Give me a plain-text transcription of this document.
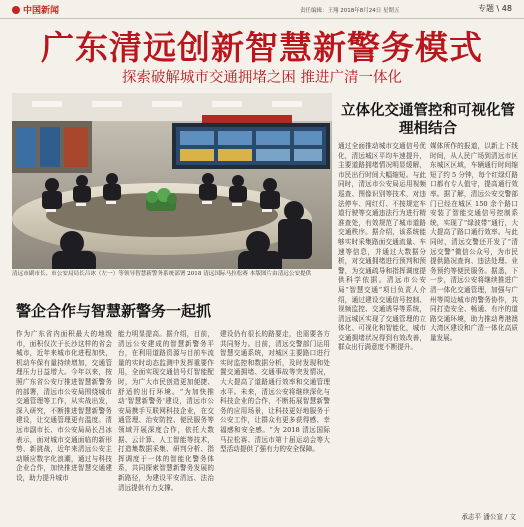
中国新闻	责任编辑：王翔 2018年8月24日 星期五	专题 \ 48
广东清远创新智慧新警务模式
探索破解城市交通拥堵之困 推进广清一体化
清远市副市长、市公安局局长吕冰（左一）等领导智慧新警务系统部署 2018 清远国际马拉松赛 本版图片由清远公安提供
警企合作与智慧新警务一起抓
作为广东省内面积最大的地级市，面积仅次于长沙这样的省会城市，近年来城市化进程加快，机动车保有量持续增加，交通管理压力日益增大。今年以来，按照广东省公安厅推进智慧新警务的部署，清远市公安局围绕城市交通管理等工作，从实战出发，深入研究，不断推进智慧新警务建设，让交通管理更有温度。清远市副市长、市公安局局长吕冰表示，面对城市交通面临的新形势、新挑战，近年来清远公安主动顺应数字化浪潮，通过与科技企业合作，加快推进智慧交通建设，助力提升城市
能力明显提高。据介绍，目前，清远公安建成的智慧新警务平台，在利用道路资源与目前车流量的实时动态监测中发挥重要作用，全面实现交通信号灯智能配时，为广大市民创造更加便捷、舒适的出行环境。“为加快推动‘智慧新警务’建设，清远市公安局携手互联网科技企业，在交通管理、治安防控、便民服务等领域开展深度合作，依托大数据、云计算、人工智能等技术，打造集数据采集、研判分析、指挥调度于一体的智能化警务体系，共同探索智慧新警务发展的新路径，为建设平安清远、法治清远提供有力支撑。
建设仍有很长的路要走，也需要各方共同努力。目前，清远交警部门运用智慧交通系统，对城区主要路口进行实时监控和数据分析，及时发现和处置交通拥堵、交通事故等突发情况，大大提高了道路通行效率和交通管理水平。未来，清远公安将继续深化与科技企业的合作，不断拓展智慧新警务的应用场景，让科技更好地服务于公安工作，让群众有更多获得感、幸福感和安全感。“为 2018 清远国际马拉松赛、清远市第十届运动会等大型活动提供了强有力的安全保障。
立体化交通管控和可视化管理相结合
通过全面推动城市交通信号优化，清远城区平均车速提升，主要道路拥堵情况明显缓解，市民出行时间大幅缩短。与此同时，清远市公安局运用视频巡查、图像识别等技术，对违法停车、闯红灯、不按规定车道行驶等交通违法行为进行精准查处，有效规范了城市道路交通秩序。据介绍，该系统能够实时采集路面交通流量、车速等信息，并通过大数据分析，对交通拥堵进行预判和预警，为交通疏导和指挥调度提供科学依据。清远市公安局“智慧交通”项目负责人介绍，通过建设交通信号控制、视频监控、交通诱导等系统，清远城区实现了交通管理的立体化、可视化和智能化，城市交通拥堵状况得到有效改善，群众出行满意度不断提升。
媒体所作的报道，以新上下线时间，从人民广场到清远市区东城区区域，车辆通行时间缩短了约 5 分钟，每个红绿灯路口都有专人值守，提高通行效率。据了解，清远公安交警部门已经在城区 150 余个路口安装了智能交通信号控制系统，实现了“绿波带”通行，大大提高了路口通行效率。与此同时，清远交警还开发了“清远交警”微信公众号，为市民提供路况查询、违法处理、业务预约等便民服务。据悉，下一步，清远公安将继续推进广清一体化交通管理，加强与广州等周边城市的警务协作，共同打造安全、畅通、有序的道路交通环境，助力推动粤港澳大湾区建设和广清一体化高质量发展。
承志平 潘公宣 / 文
